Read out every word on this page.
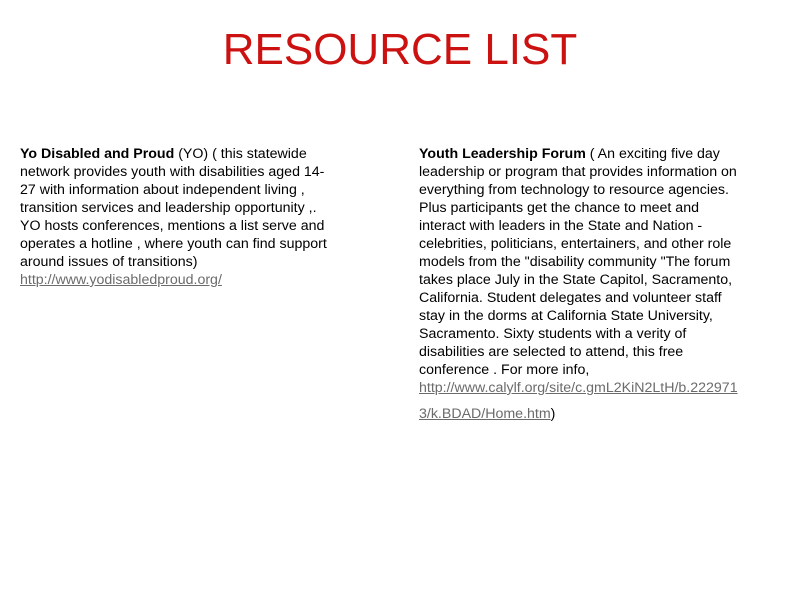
RESOURCE LIST
Yo Disabled and Proud (YO) ( this statewide
network provides youth with disabilities aged 14-
27 with information about independent living ,
transition services and leadership opportunity ,.
YO hosts conferences, mentions a list serve and
operates a hotline , where youth can find support
around issues of transitions)
http://www.yodisabledproud.org/
Youth Leadership Forum ( An exciting five day
leadership or program that provides information on
everything from technology to resource agencies.
Plus participants get the chance to meet and
interact with leaders in the State and Nation -
celebrities, politicians, entertainers, and other role
models from the "disability community "The forum
takes place July in the State Capitol, Sacramento,
California. Student delegates and volunteer staff
stay in the dorms at California State University,
Sacramento. Sixty students with a verity of
disabilities are selected to attend, this free
conference . For more info,
http://www.calylf.org/site/c.gmL2KiN2LtH/b.222971
3/k.BDAD/Home.htm)
